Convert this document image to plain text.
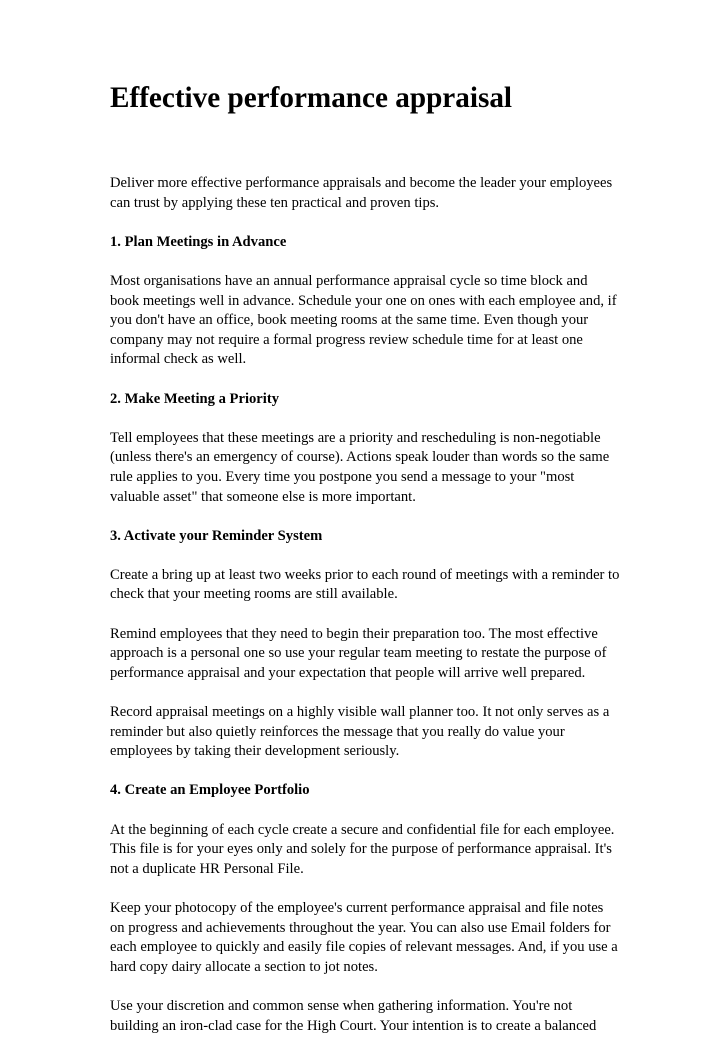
Effective performance appraisal

Deliver more effective performance appraisals and become the leader your employees can trust by applying these ten practical and proven tips.

1. Plan Meetings in Advance

Most organisations have an annual performance appraisal cycle so time block and book meetings well in advance. Schedule your one on ones with each employee and, if you don't have an office, book meeting rooms at the same time. Even though your company may not require a formal progress review schedule time for at least one informal check as well.

2. Make Meeting a Priority

Tell employees that these meetings are a priority and rescheduling is non-negotiable (unless there's an emergency of course). Actions speak louder than words so the same rule applies to you. Every time you postpone you send a message to your "most valuable asset" that someone else is more important.

3. Activate your Reminder System

Create a bring up at least two weeks prior to each round of meetings with a reminder to check that your meeting rooms are still available.

Remind employees that they need to begin their preparation too. The most effective approach is a personal one so use your regular team meeting to restate the purpose of performance appraisal and your expectation that people will arrive well prepared.

Record appraisal meetings on a highly visible wall planner too. It not only serves as a reminder but also quietly reinforces the message that you really do value your employees by taking their development seriously.

4. Create an Employee Portfolio

At the beginning of each cycle create a secure and confidential file for each employee. This file is for your eyes only and solely for the purpose of performance appraisal. It's not a duplicate HR Personal File.

Keep your photocopy of the employee's current performance appraisal and file notes on progress and achievements throughout the year. You can also use Email folders for each employee to quickly and easily file copies of relevant messages. And, if you use a hard copy dairy allocate a section to jot notes.

Use your discretion and common sense when gathering information. You're not building an iron-clad case for the High Court. Your intention is to create a balanced
